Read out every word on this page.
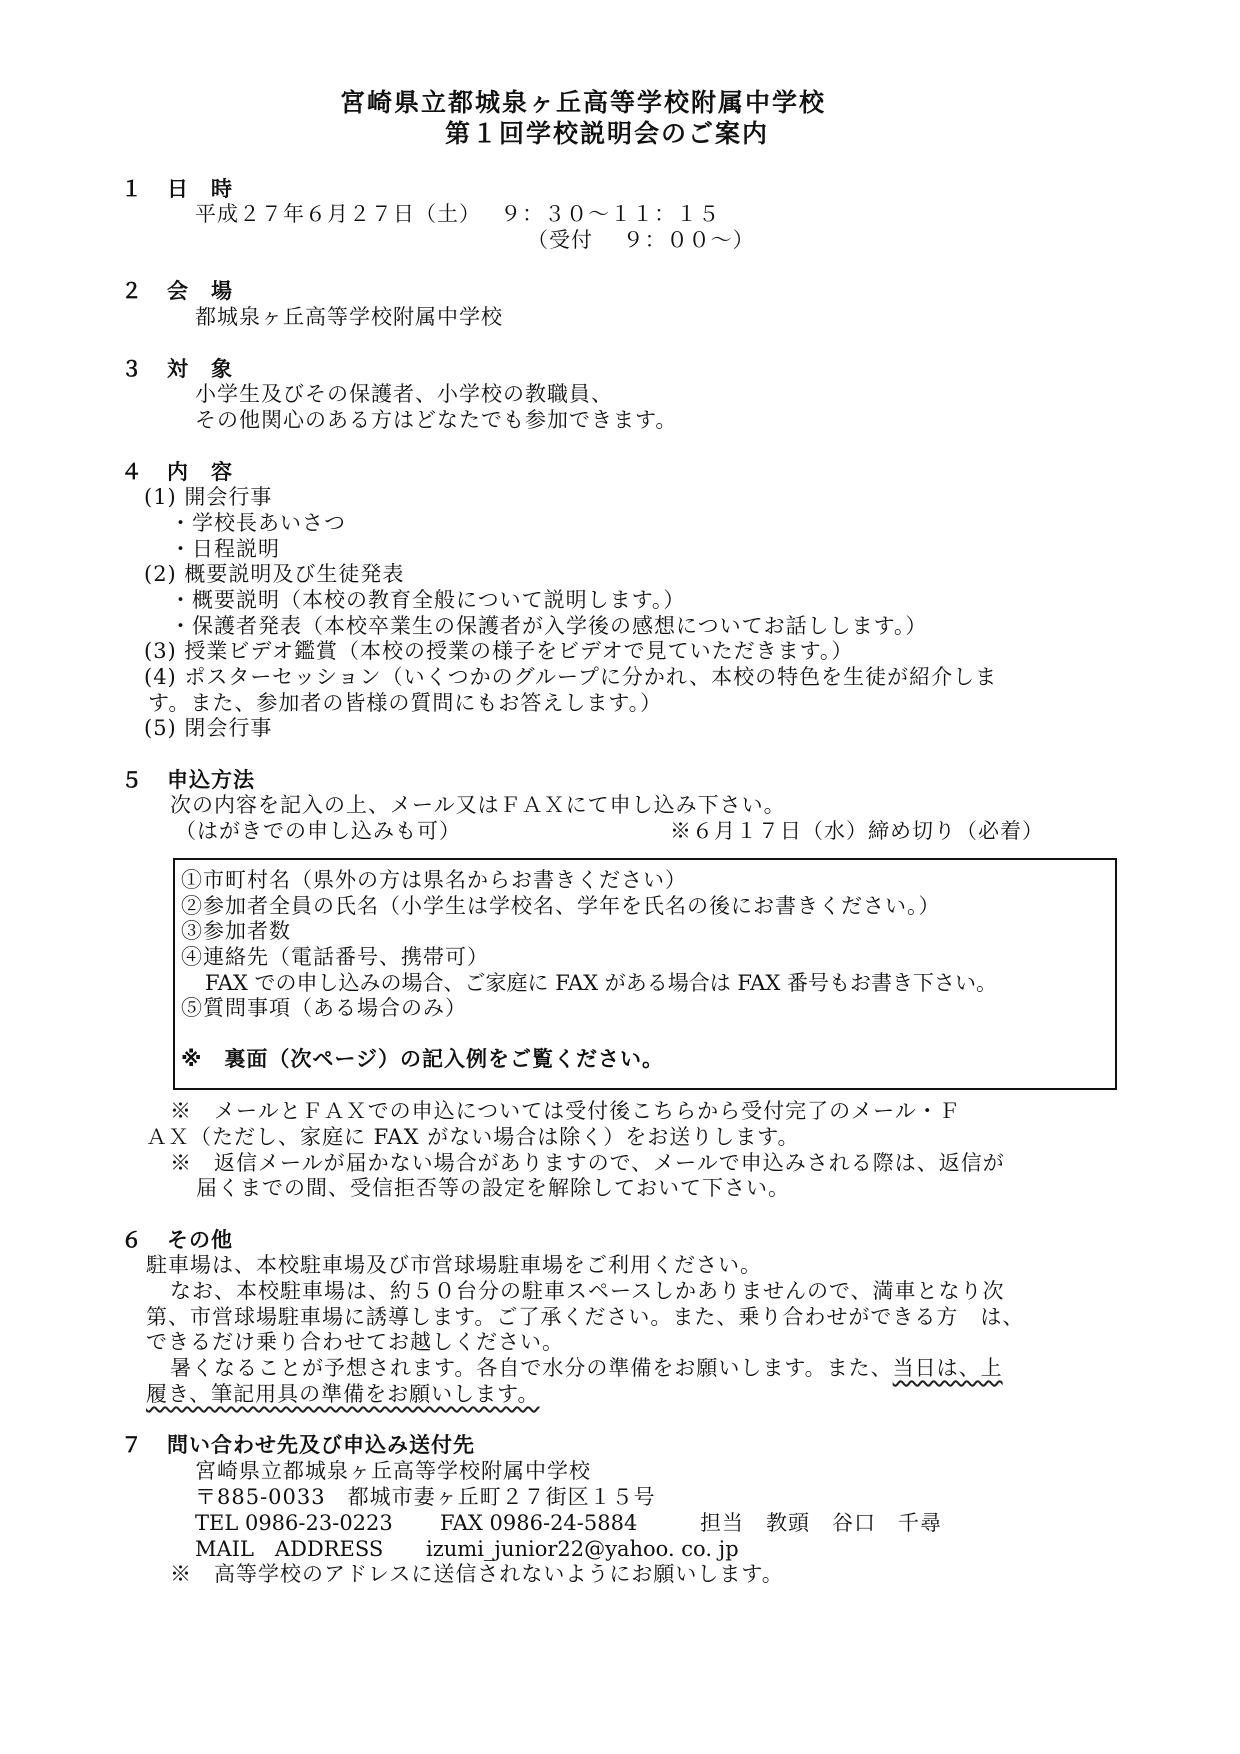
宮崎県立都城泉ヶ丘高等学校附属中学校
第１回学校説明会のご案内
１ 日　時
平成２７年６月２７日（土）　 ９：３０～１１：１５
（受付　 ９：００～）
２ 会　場
都城泉ヶ丘高等学校附属中学校
３ 対　象
小学生及びその保護者、小学校の教職員、
その他関心のある方はどなたでも参加できます。
４ 内　容
(1) 開会行事
・学校長あいさつ
・日程説明
(2) 概要説明及び生徒発表
・概要説明（本校の教育全般について説明します。）
・保護者発表（本校卒業生の保護者が入学後の感想についてお話しします。）
(3) 授業ビデオ鑑賞（本校の授業の様子をビデオで見ていただきます。）
(4) ポスターセッション（いくつかのグループに分かれ、本校の特色を生徒が紹介しま
す。また、参加者の皆様の質問にもお答えします。）
(5) 閉会行事
５ 申込方法
次の内容を記入の上、メール又はＦＡＸにて申し込み下さい。
（はがきでの申し込みも可）	※６月１７日（水）締め切り（必着）
①市町村名（県外の方は県名からお書きください）
②参加者全員の氏名（小学生は学校名、学年を氏名の後にお書きください。）
③参加者数
④連絡先（電話番号、携帯可）
FAX での申し込みの場合、ご家庭に FAX がある場合は FAX 番号もお書き下さい。
⑤質問事項（ある場合のみ）
※　裏面（次ページ）の記入例をご覧ください。
※　メールとＦＡＸでの申込については受付後こちらから受付完了のメール・Ｆ
ＡＸ（ただし、家庭に FAX がない場合は除く）をお送りします。
※　返信メールが届かない場合がありますので、メールで申込みされる際は、返信が
届くまでの間、受信拒否等の設定を解除しておいて下さい。
６ その他
駐車場は、本校駐車場及び市営球場駐車場をご利用ください。
なお、本校駐車場は、約５０台分の駐車スペースしかありませんので、満車となり次
第、市営球場駐車場に誘導します。ご了承ください。また、乗り合わせができる方　は、
できるだけ乗り合わせてお越しください。
暑くなることが予想されます。各自で水分の準備をお願いします。また、当日は、上
履き、筆記用具の準備をお願いします。
７ 問い合わせ先及び申込み送付先
宮崎県立都城泉ヶ丘高等学校附属中学校
〒885-0033　都城市妻ヶ丘町２７街区１５号
TEL 0986-23-0223 FAX 0986-24-5884	担当　教頭　谷口　千尋
MAIL　ADDRESS izumi_junior22@yahoo. co. jp
※　高等学校のアドレスに送信されないようにお願いします。
